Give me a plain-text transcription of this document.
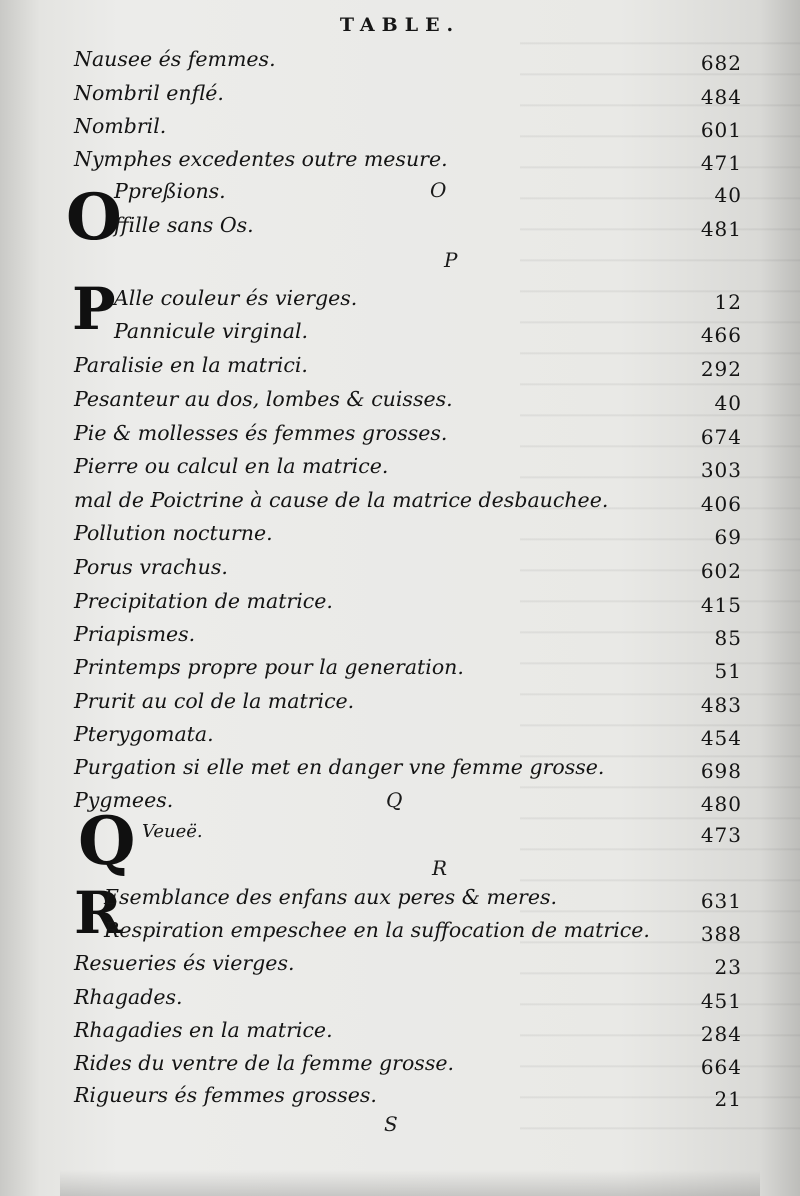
TABLE.
Nausee és femmes.	682
Nombril enflé.	484
Nombril.	601
Nymphes excedentes outre mesure.	471
O	O
Ppreßions.	40
ffille sans Os.	481
P
P
Alle couleur és vierges.	12
Pannicule virginal.	466
Paralisie en la matrici.	292
Pesanteur au dos, lombes & cuisses.	40
Pie & mollesses és femmes grosses.	674
Pierre ou calcul en la matrice.	303
mal de Poictrine à cause de la matrice desbauchee.	406
Pollution nocturne.	69
Porus vrachus.	602
Precipitation de matrice.	415
Priapismes.	85
Printemps propre pour la generation.	51
Prurit au col de la matrice.	483
Pterygomata.	454
Purgation si elle met en danger vne femme grosse.	698
Pygmees.	480
Q
Q Veueë.	473
R
R
Esemblance des enfans aux peres & meres.	631
Respiration empeschee en la suffocation de matrice.	388
Resueries és vierges.	23
Rhagades.	451
Rhagadies en la matrice.	284
Rides du ventre de la femme grosse.	664
Rigueurs és femmes grosses.	21
S
